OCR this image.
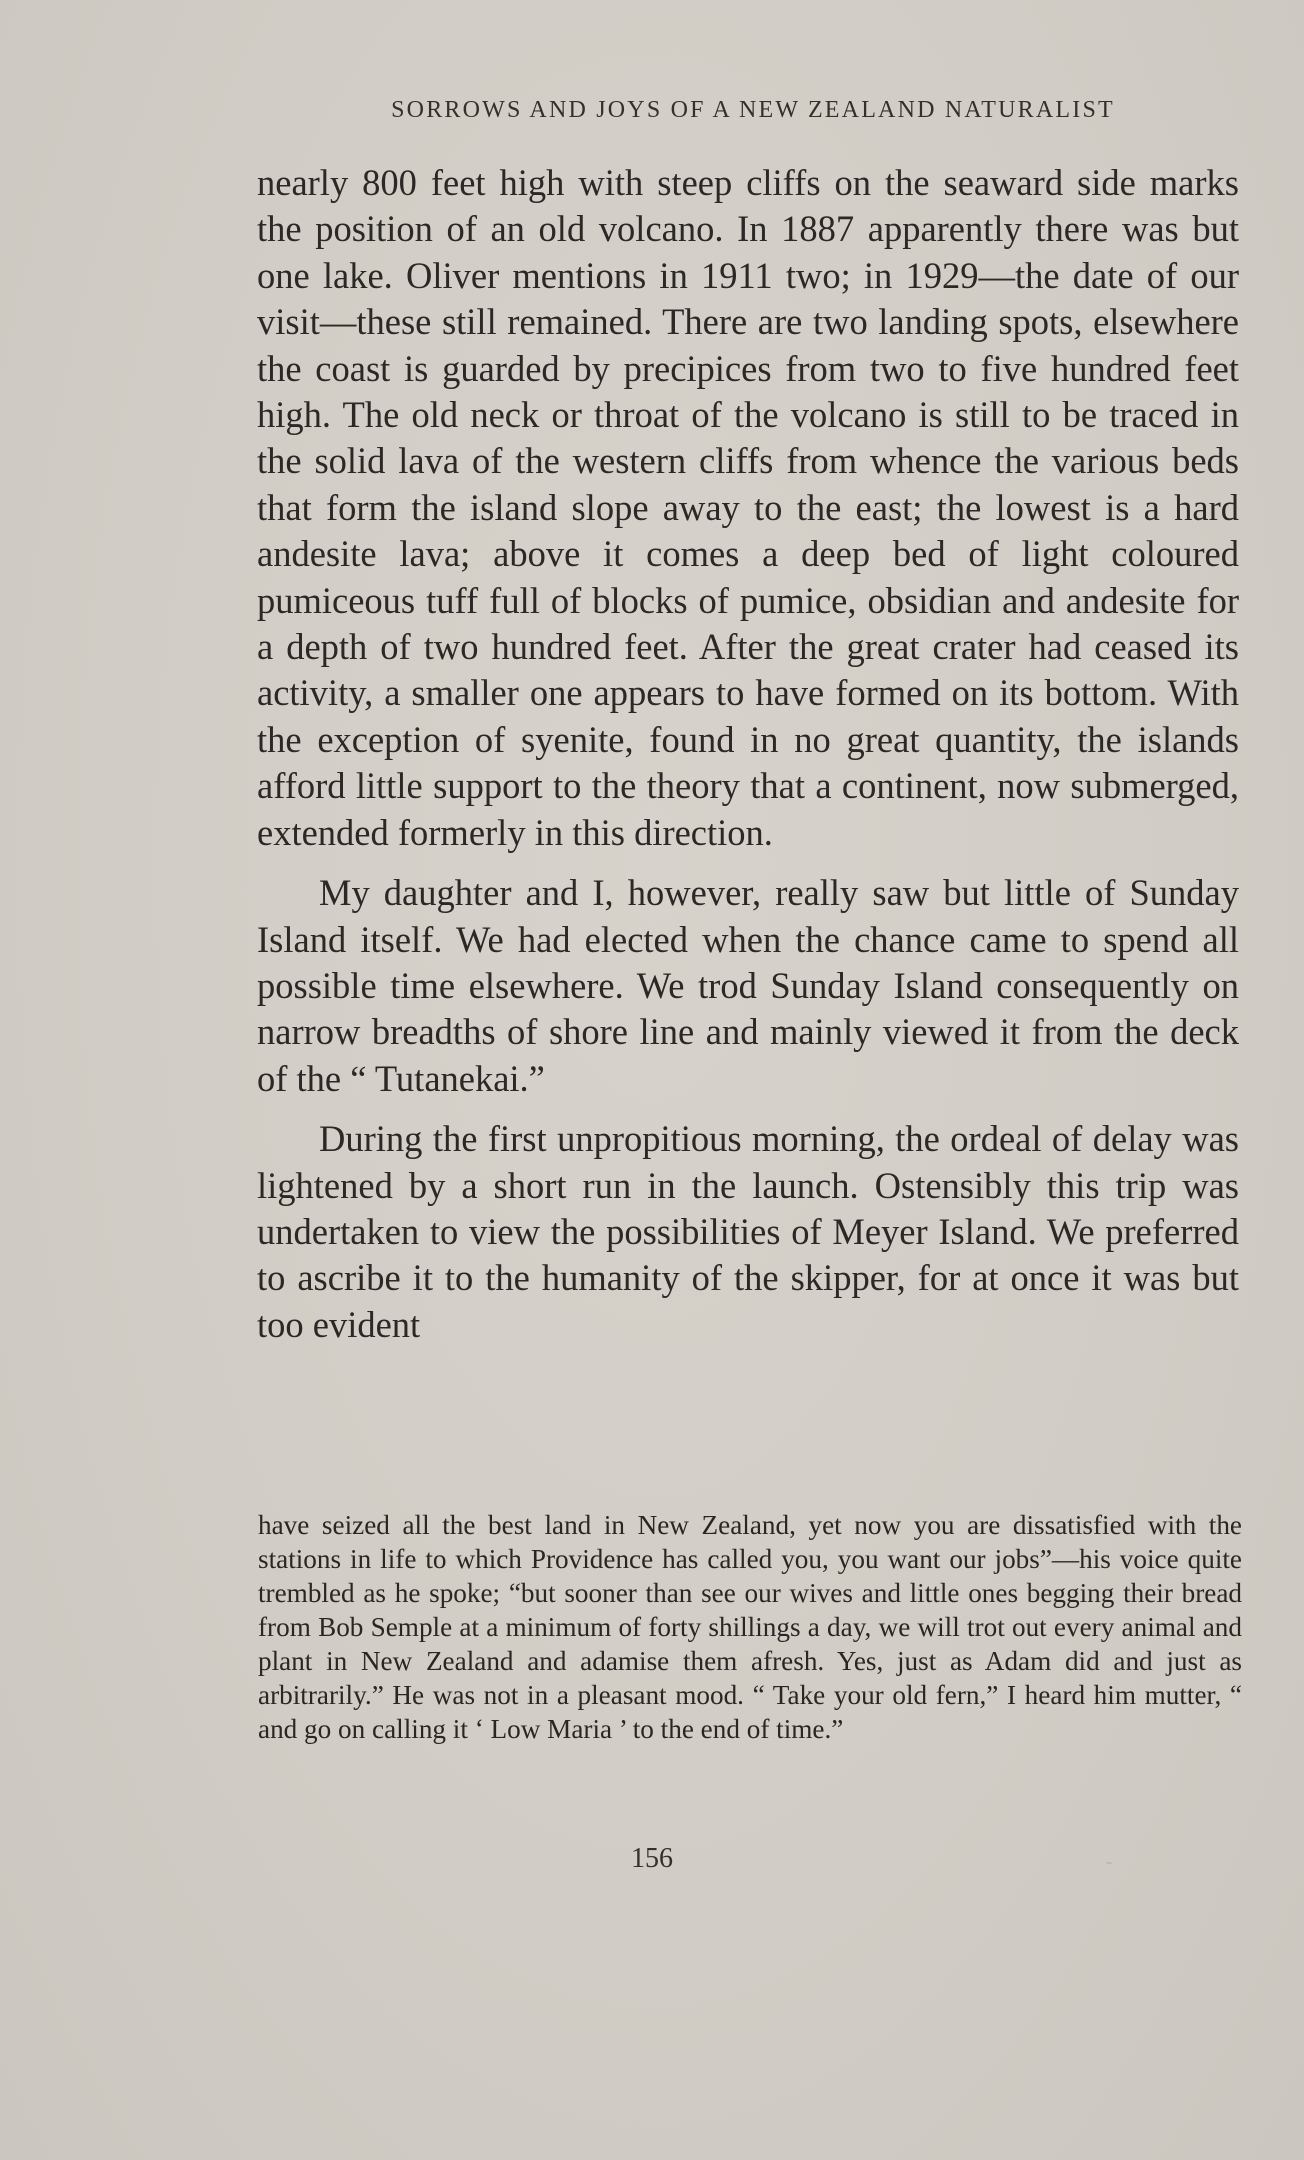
SORROWS AND JOYS OF A NEW ZEALAND NATURALIST

nearly 800 feet high with steep cliffs on the seaward side marks the position of an old volcano. In 1887 apparently there was but one lake. Oliver mentions in 1911 two; in 1929—the date of our visit—these still remained. There are two landing spots, elsewhere the coast is guarded by precipices from two to five hundred feet high. The old neck or throat of the volcano is still to be traced in the solid lava of the western cliffs from whence the various beds that form the island slope away to the east; the lowest is a hard andesite lava; above it comes a deep bed of light coloured pumiceous tuff full of blocks of pumice, obsidian and andesite for a depth of two hundred feet. After the great crater had ceased its activity, a smaller one appears to have formed on its bottom. With the exception of syenite, found in no great quantity, the islands afford little support to the theory that a continent, now submerged, extended formerly in this direction.

My daughter and I, however, really saw but little of Sunday Island itself. We had elected when the chance came to spend all possible time elsewhere. We trod Sunday Island consequently on narrow breadths of shore line and mainly viewed it from the deck of the “ Tutanekai.”

During the first unpropitious morning, the ordeal of delay was lightened by a short run in the launch. Ostensibly this trip was undertaken to view the possibilities of Meyer Island. We preferred to ascribe it to the humanity of the skipper, for at once it was but too evident

have seized all the best land in New Zealand, yet now you are dissatisfied with the stations in life to which Providence has called you, you want our jobs”—his voice quite trembled as he spoke; “but sooner than see our wives and little ones begging their bread from Bob Semple at a minimum of forty shillings a day, we will trot out every animal and plant in New Zealand and adamise them afresh. Yes, just as Adam did and just as arbitrarily.” He was not in a pleasant mood. “ Take your old fern,” I heard him mutter, “ and go on calling it ‘ Low Maria ’ to the end of time.”

156
